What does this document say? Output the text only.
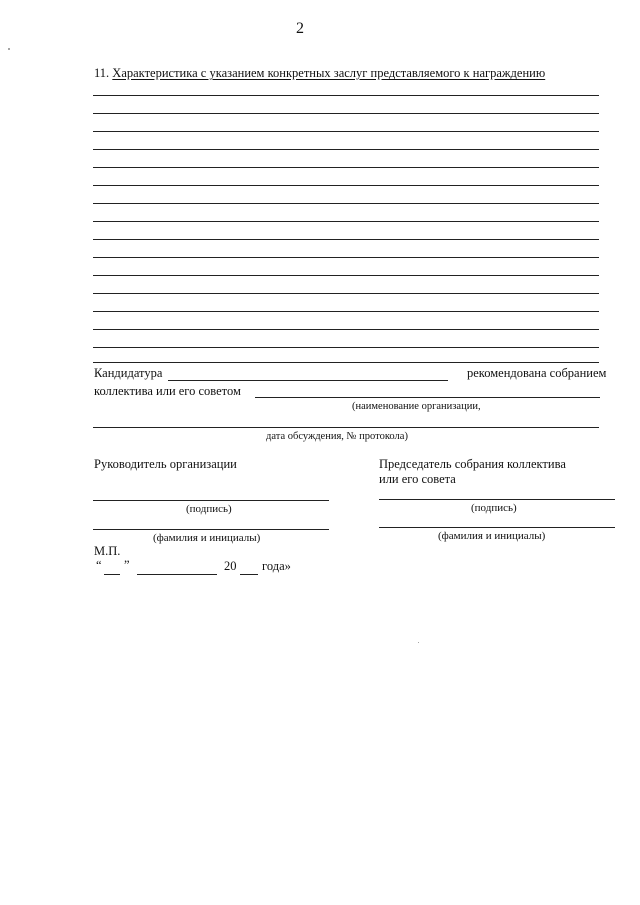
2
11. Характеристика с указанием конкретных заслуг представляемого к награждению
Кандидатура	рекомендована собранием
коллектива или его советом
(наименование организации,
дата обсуждения, № протокола)
Руководитель организации	Председатель собрания коллектива
или его совета
(подпись)	(подпись)
(фамилия и инициалы)	(фамилия и инициалы)
М.П.
“ ”	20 года»
